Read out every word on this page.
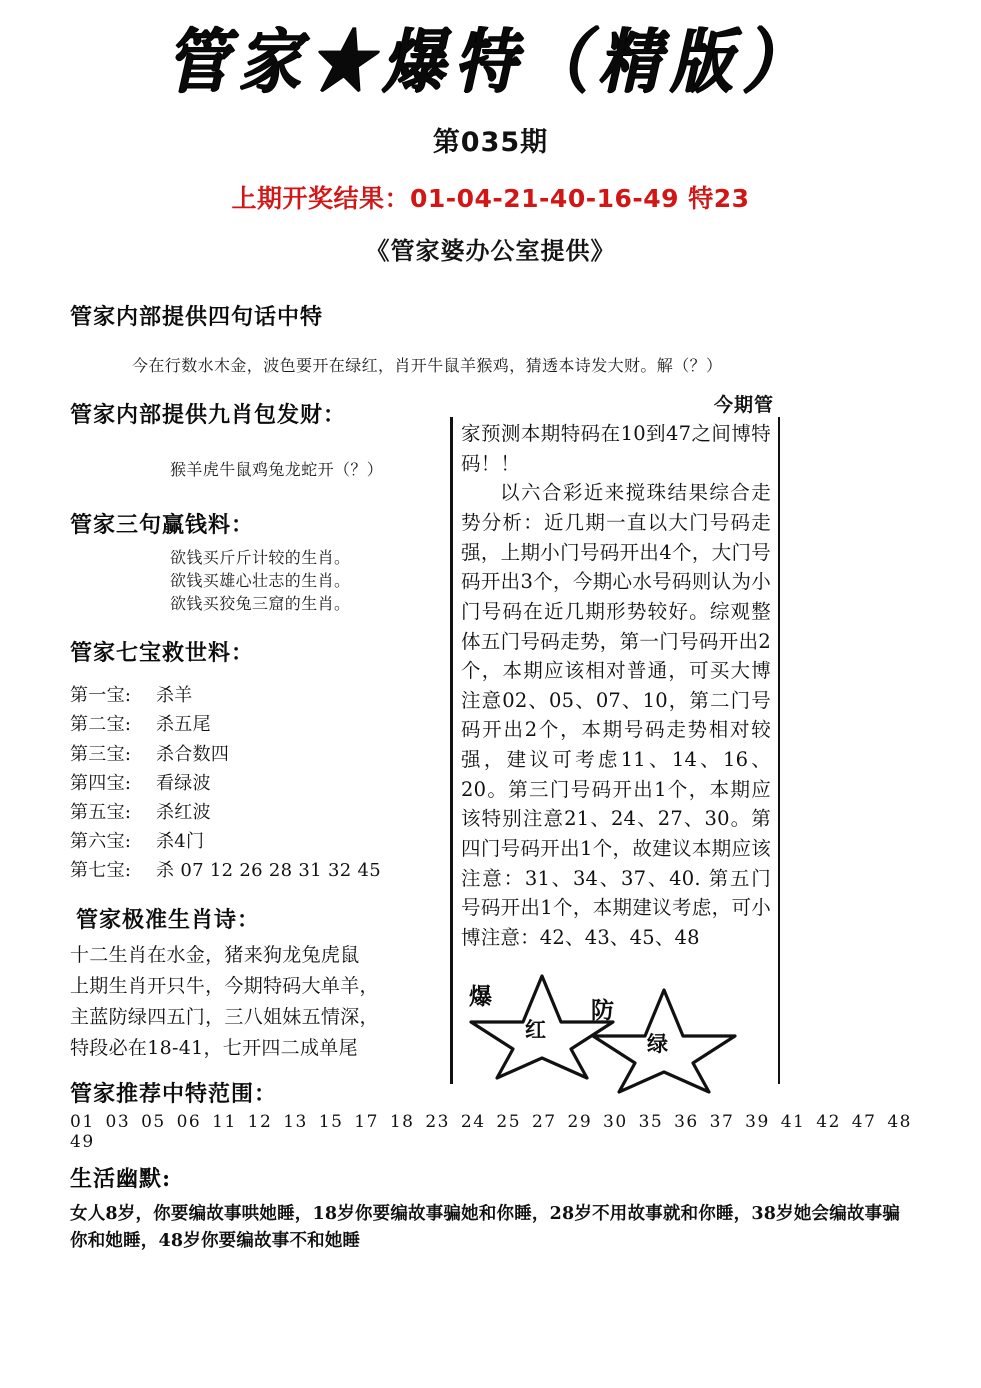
管家★爆特（精版）
第035期
上期开奖结果：01-04-21-40-16-49 特23
《管家婆办公室提供》
管家内部提供四句话中特
今在行数水木金，波色要开在绿红，肖开牛鼠羊猴鸡，猜透本诗发大财。解（？）
今期管
家预测本期特码在10到47之间博特码！！
以六合彩近来搅珠结果综合走势分析：近几期一直以大门号码走强，上期小门号码开出4个，大门号码开出3个，今期心水号码则认为小门号码在近几期形势较好。综观整体五门号码走势，第一门号码开出2个，本期应该相对普通，可买大博注意02、05、07、10，第二门号码开出2个，本期号码走势相对较强，建议可考虑11、14、16、20。第三门号码开出1个，本期应该特别注意21、24、27、30。第四门号码开出1个，故建议本期应该注意：31、34、37、40. 第五门号码开出1个，本期建议考虑，可小博注意：42、43、45、48
爆
红
防
绿
管家内部提供九肖包发财：
猴羊虎牛鼠鸡兔龙蛇开（？）
管家三句赢钱料：
欲钱买斤斤计较的生肖。
欲钱买雄心壮志的生肖。
欲钱买狡兔三窟的生肖。
管家七宝救世料：
第一宝: 杀羊
第二宝: 杀五尾
第三宝: 杀合数四
第四宝: 看绿波
第五宝: 杀红波
第六宝: 杀4门
第七宝: 杀 07 12 26 28 31 32 45
管家极准生肖诗：
十二生肖在水金，猪来狗龙兔虎鼠
上期生肖开只牛，今期特码大单羊，
主蓝防绿四五门，三八姐妹五情深，
特段必在18-41，七开四二成单尾
管家推荐中特范围：
01 03 05 06 11 12 13 15 17 18 23 24 25 27 29 30 35 36 37 39 41 42 47 48 49
生活幽默:
女人8岁，你要编故事哄她睡，18岁你要编故事骗她和你睡，28岁不用故事就和你睡，38岁她会编故事骗你和她睡，48岁你要编故事不和她睡
